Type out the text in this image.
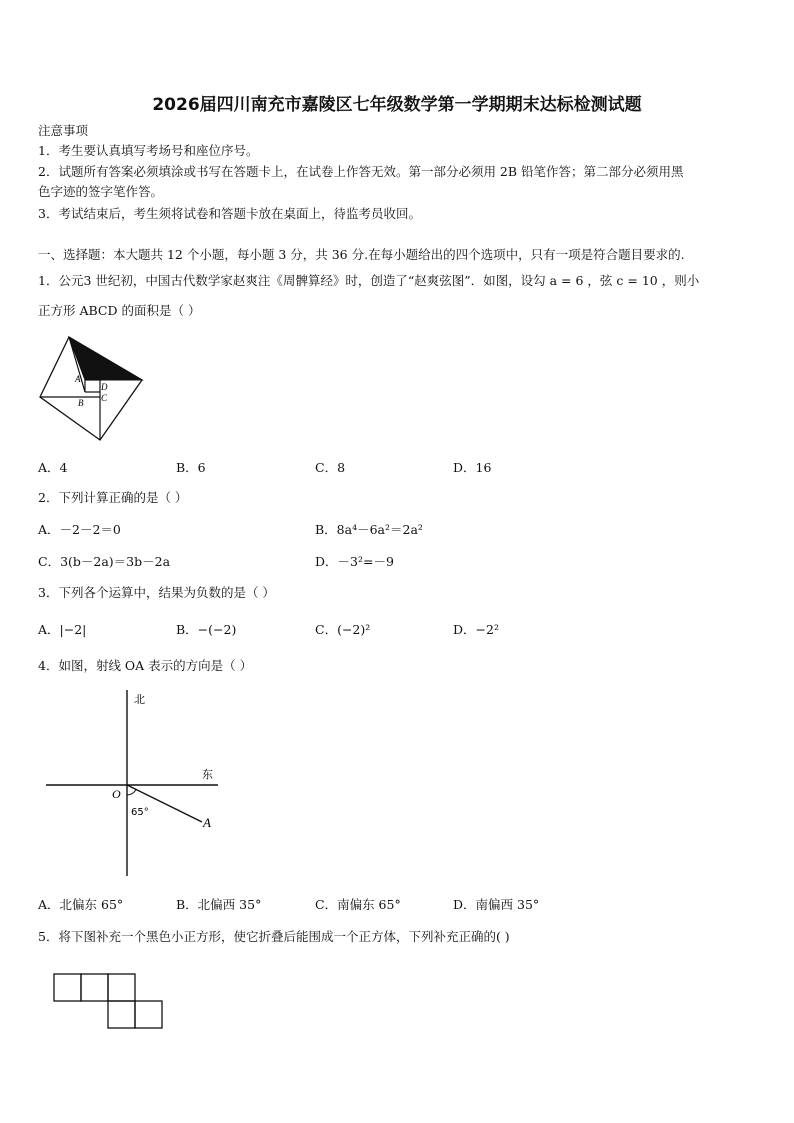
2026届四川南充市嘉陵区七年级数学第一学期期末达标检测试题
注意事项
1．考生要认真填写考场号和座位序号。
2．试题所有答案必须填涂或书写在答题卡上，在试卷上作答无效。第一部分必须用 2B 铅笔作答；第二部分必须用黑
色字迹的签字笔作答。
3．考试结束后，考生须将试卷和答题卡放在桌面上，待监考员收回。
一、选择题：本大题共 12 个小题，每小题 3 分，共 36 分.在每小题给出的四个选项中，只有一项是符合题目要求的.
1．公元3 世纪初，中国古代数学家赵爽注《周髀算经》时，创造了“赵爽弦图”．如图，设勾 a = 6 ，弦 c = 10 ，则小
正方形 ABCD 的面积是（ ）
弦(c)
A
B C
D
A．4	B．6	C．8	D．16
2．下列计算正确的是（ ）
A．－2－2＝0	B．8a⁴－6a²＝2a²
C．3(b－2a)＝3b－2a	D．－3²=－9
3．下列各个运算中，结果为负数的是（ ）
A．|−2|	B．−(−2)	C．(−2)²	D．−2²
4．如图，射线 OA 表示的方向是（ ）
北
东
O
65°
A
A．北偏东 65°	B．北偏西 35°	C．南偏东 65°	D．南偏西 35°
5．将下图补充一个黑色小正方形，使它折叠后能围成一个正方体，下列补充正确的( )
